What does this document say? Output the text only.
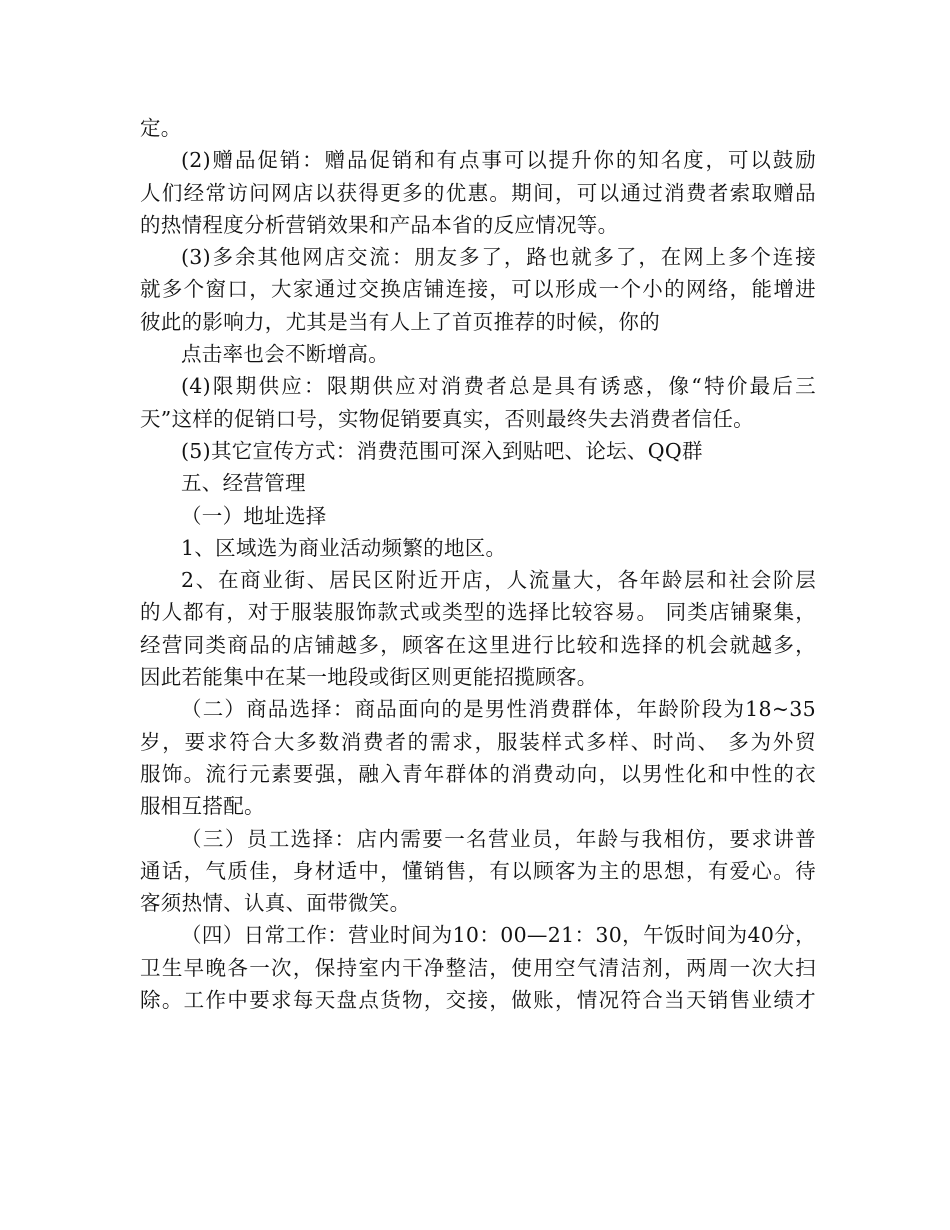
定。
(2)赠品促销：赠品促销和有点事可以提升你的知名度，可以鼓励
人们经常访问网店以获得更多的优惠。期间，可以通过消费者索取赠品
的热情程度分析营销效果和产品本省的反应情况等。
(3)多余其他网店交流：朋友多了，路也就多了，在网上多个连接
就多个窗口，大家通过交换店铺连接，可以形成一个小的网络，能增进
彼此的影响力，尤其是当有人上了首页推荐的时候，你的
点击率也会不断增高。
(4)限期供应：限期供应对消费者总是具有诱惑，像“特价最后三
天”这样的促销口号，实物促销要真实，否则最终失去消费者信任。
(5)其它宣传方式：消费范围可深入到贴吧、论坛、QQ群
五、经营管理
（一）地址选择
1、区域选为商业活动频繁的地区。
2、在商业街、居民区附近开店，人流量大，各年龄层和社会阶层
的人都有，对于服装服饰款式或类型的选择比较容易。 同类店铺聚集，
经营同类商品的店铺越多，顾客在这里进行比较和选择的机会就越多，
因此若能集中在某一地段或街区则更能招揽顾客。
（二）商品选择：商品面向的是男性消费群体，年龄阶段为18~35
岁，要求符合大多数消费者的需求，服装样式多样、时尚、 多为外贸
服饰。流行元素要强，融入青年群体的消费动向，以男性化和中性的衣
服相互搭配。
（三）员工选择：店内需要一名营业员，年龄与我相仿，要求讲普
通话，气质佳，身材适中，懂销售，有以顾客为主的思想，有爱心。待
客须热情、认真、面带微笑。
（四）日常工作：营业时间为10：00—21：30，午饭时间为40分，
卫生早晚各一次，保持室内干净整洁，使用空气清洁剂，两周一次大扫
除。工作中要求每天盘点货物，交接，做账，情况符合当天销售业绩才
